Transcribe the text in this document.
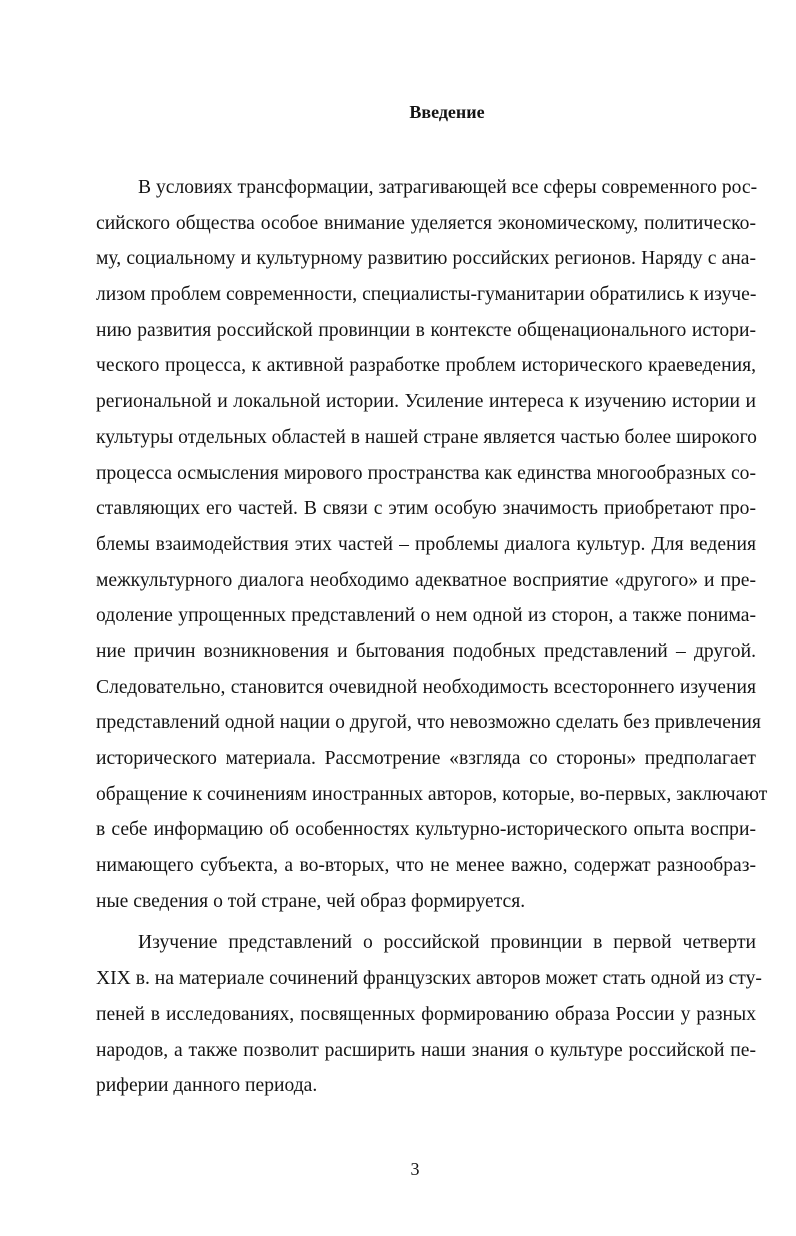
Введение
В условиях трансформации, затрагивающей все сферы современного рос-
сийского общества особое внимание уделяется экономическому, политическо-
му, социальному и культурному развитию российских регионов. Наряду с ана-
лизом проблем современности, специалисты-гуманитарии обратились к изуче-
нию развития российской провинции в контексте общенационального истори-
ческого процесса, к активной разработке проблем исторического краеведения,
региональной и локальной истории. Усиление интереса к изучению истории и
культуры отдельных областей в нашей стране является частью более широкого
процесса осмысления мирового пространства как единства многообразных со-
ставляющих его частей. В связи с этим особую значимость приобретают про-
блемы взаимодействия этих частей – проблемы диалога культур. Для ведения
межкультурного диалога необходимо адекватное восприятие «другого» и пре-
одоление упрощенных представлений о нем одной из сторон, а также понима-
ние причин возникновения и бытования подобных представлений – другой.
Следовательно, становится очевидной необходимость всестороннего изучения
представлений одной нации о другой, что невозможно сделать без привлечения
исторического материала. Рассмотрение «взгляда со стороны» предполагает
обращение к сочинениям иностранных авторов, которые, во-первых, заключают
в себе информацию об особенностях культурно-исторического опыта воспри-
нимающего субъекта, а во-вторых, что не менее важно, содержат разнообраз-
ные сведения о той стране, чей образ формируется.
Изучение представлений о российской провинции в первой четверти
XIX в. на материале сочинений французских авторов может стать одной из сту-
пеней в исследованиях, посвященных формированию образа России у разных
народов, а также позволит расширить наши знания о культуре российской пе-
риферии данного периода.
3
